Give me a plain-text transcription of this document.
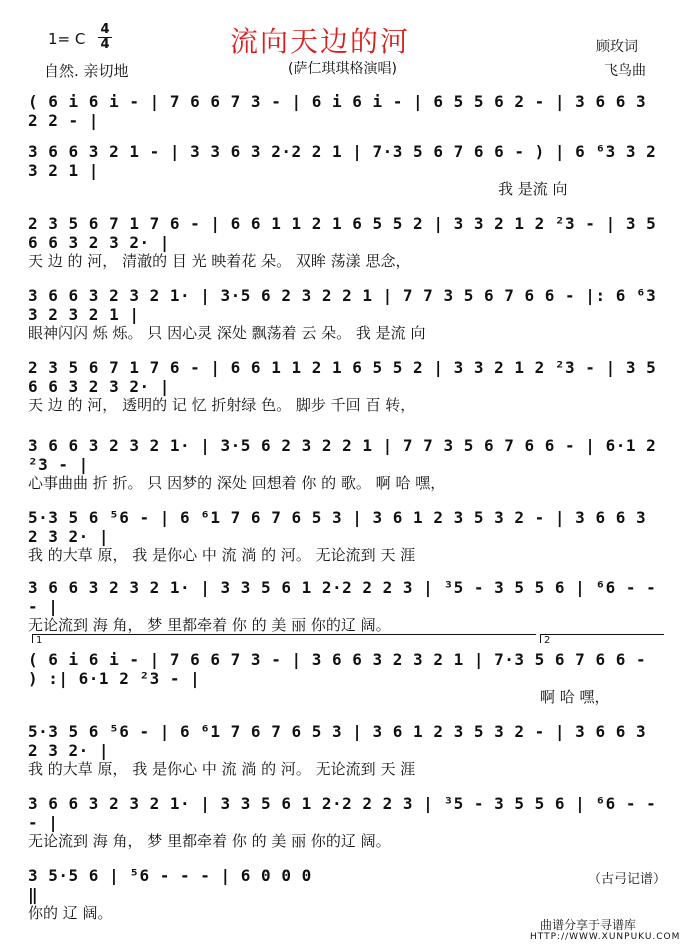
流向天边的河
1= C
4
4
自然. 亲切地	(萨仁琪琪格演唱)
顾玫词
飞鸟曲
( 6 i 6 i - | 7 6 6 7 3 - | 6 i 6 i - | 6 5 5 6 2 - | 3 6 6 3 2 2 - |
3 6 6 3 2 1 - | 3 3 6 3 2·2 2 1 | 7·3 5 6 7 6 6 - ) | 6 ⁶3 3 2 3 2 1 |
我 是流 向
2 3 5 6 7 1 7 6 - | 6 6 1 1 2 1 6 5 5 2 | 3 3 2 1 2 ²3 - | 3 5 6 6 3 2 3 2· |
天 边 的 河， 清澈的 目 光 映着花 朵。 双眸 荡漾 思念，
3 6 6 3 2 3 2 1· | 3·5 6 2 3 2 2 1 | 7 7 3 5 6 7 6 6 - |: 6 ⁶3 3 2 3 2 1 |
眼神闪闪 烁 烁。 只 因心灵 深处 飘荡着 云 朵。 我 是流 向
2 3 5 6 7 1 7 6 - | 6 6 1 1 2 1 6 5 5 2 | 3 3 2 1 2 ²3 - | 3 5 6 6 3 2 3 2· |
天 边 的 河， 透明的 记 忆 折射绿 色。 脚步 千回 百 转，
3 6 6 3 2 3 2 1· | 3·5 6 2 3 2 2 1 | 7 7 3 5 6 7 6 6 - | 6·1 2 ²3 - |
心事曲曲 折 折。 只 因梦的 深处 回想着 你 的 歌。 啊 哈 嘿，
5·3 5 6 ⁵6 - | 6 ⁶1 7 6 7 6 5 3 | 3 6 1 2 3 5 3 2 - | 3 6 6 3 2 3 2· |
我 的大草 原， 我 是你心 中 流 淌 的 河。 无论流到 天 涯
3 6 6 3 2 3 2 1· | 3 3 5 6 1 2·2 2 2 3 | ³5 - 3 5 5 6 | ⁶6 - - - |
无论流到 海 角， 梦 里都牵着 你 的 美 丽 你的辽 阔。
1	2
( 6 i 6 i - | 7 6 6 7 3 - | 3 6 6 3 2 3 2 1 | 7·3 5 6 7 6 6 - ) :| 6·1 2 ²3 - |
啊 哈 嘿，
5·3 5 6 ⁵6 - | 6 ⁶1 7 6 7 6 5 3 | 3 6 1 2 3 5 3 2 - | 3 6 6 3 2 3 2· |
我 的大草 原， 我 是你心 中 流 淌 的 河。 无论流到 天 涯
3 6 6 3 2 3 2 1· | 3 3 5 6 1 2·2 2 2 3 | ³5 - 3 5 5 6 | ⁶6 - - - |
无论流到 海 角， 梦 里都牵着 你 的 美 丽 你的辽 阔。
3 5·5 6 | ⁵6 - - - | 6 0 0 0 ‖
你的 辽 阔。
（古弓记谱）
曲谱分享于寻谱库
HTTP://WWW.XUNPUKU.COM
